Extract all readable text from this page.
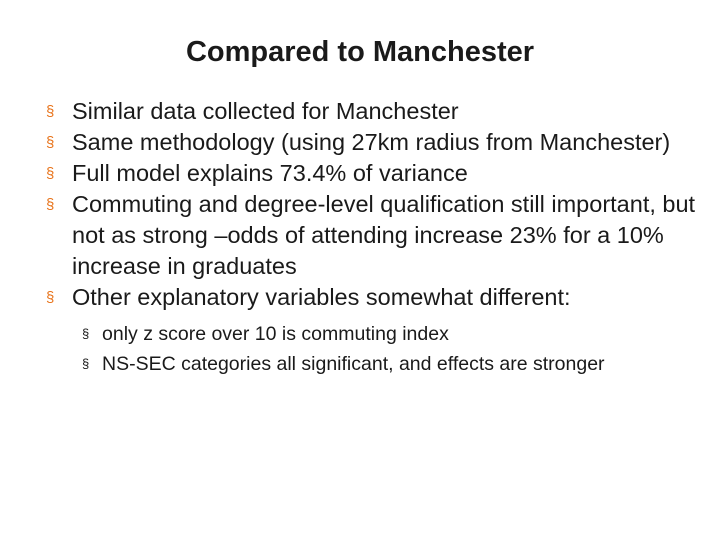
Compared to Manchester
§ Similar data collected for Manchester
§ Same methodology (using 27km radius from Manchester)
§ Full model explains 73.4% of variance
§ Commuting and degree-level qualification still important, but not as strong –odds of attending increase 23% for a 10% increase in graduates
§ Other explanatory variables somewhat different:
§ only z score over 10 is commuting index
§ NS-SEC categories all significant, and effects are stronger
